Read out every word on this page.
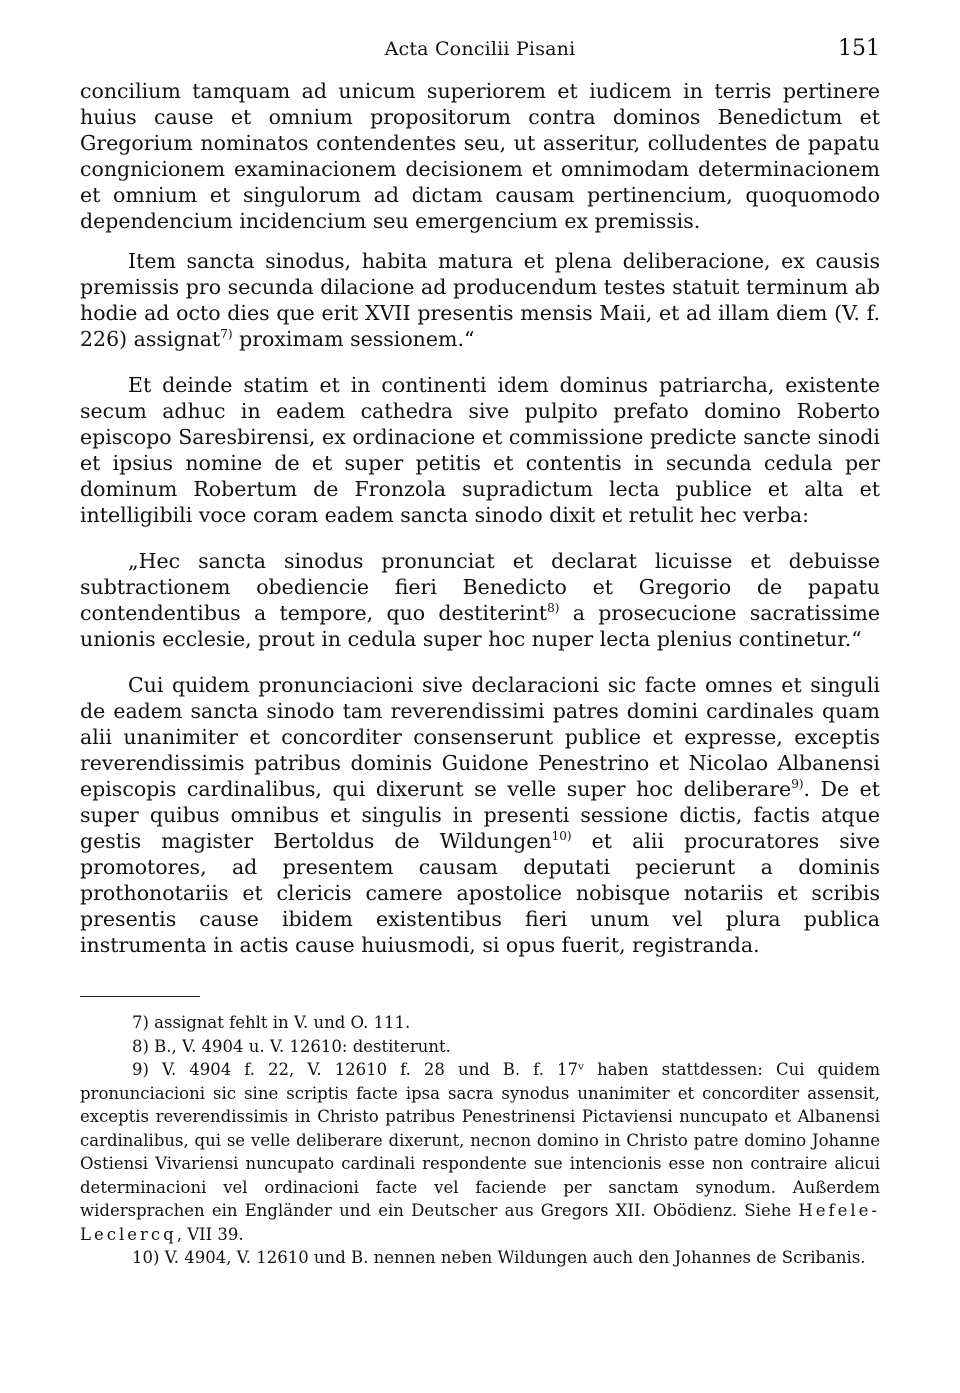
Acta Concilii Pisani	151

concilium tamquam ad unicum superiorem et iudicem in terris pertinere huius cause et omnium propositorum contra dominos Benedictum et Gregorium nominatos contendentes seu, ut asseritur, colludentes de papatu congnicionem examinacionem decisionem et omnimodam determinacionem et omnium et singulorum ad dictam causam pertinencium, quoquomodo dependencium incidencium seu emergencium ex premissis.

Item sancta sinodus, habita matura et plena deliberacione, ex causis premissis pro secunda dilacione ad producendum testes statuit terminum ab hodie ad octo dies que erit XVII presentis mensis Maii, et ad illam diem (V. f. 226) assignat$^{7)}$ proximam sessionem.“

Et deinde statim et in continenti idem dominus patriarcha, existente secum adhuc in eadem cathedra sive pulpito prefato domino Roberto episcopo Saresbirensi, ex ordinacione et commissione predicte sancte sinodi et ipsius nomine de et super petitis et contentis in secunda cedula per dominum Robertum de Fronzola supradictum lecta publice et alta et intelligibili voce coram eadem sancta sinodo dixit et retulit hec verba:

„Hec sancta sinodus pronunciat et declarat licuisse et debuisse subtractionem obediencie fieri Benedicto et Gregorio de papatu contendentibus a tempore, quo destiterint$^{8)}$ a prosecucione sacratissime unionis ecclesie, prout in cedula super hoc nuper lecta plenius continetur.“

Cui quidem pronunciacioni sive declaracioni sic facte omnes et singuli de eadem sancta sinodo tam reverendissimi patres domini cardinales quam alii unanimiter et concorditer consenserunt publice et expresse, exceptis reverendissimis patribus dominis Guidone Penestrino et Nicolao Albanensi episcopis cardinalibus, qui dixerunt se velle super hoc deliberare$^{9)}$. De et super quibus omnibus et singulis in presenti sessione dictis, factis atque gestis magister Bertoldus de Wildungen$^{10)}$ et alii procuratores sive promotores, ad presentem causam deputati pecierunt a dominis prothonotariis et clericis camere apostolice nobisque notariis et scribis presentis cause ibidem existentibus fieri unum vel plura publica instrumenta in actis cause huiusmodi, si opus fuerit, registranda.

7) assignat fehlt in V. und O. 111.

8) B., V. 4904 u. V. 12610: destiterunt.

9) V. 4904 f. 22, V. 12610 f. 28 und B. f. 17ᵛ haben stattdessen: Cui quidem pronunciacioni sic sine scriptis facte ipsa sacra synodus unanimiter et concorditer assensit, exceptis reverendissimis in Christo patribus Penestrinensi Pictaviensi nuncupato et Albanensi cardinalibus, qui se velle deliberare dixerunt, necnon domino in Christo patre domino Johanne Ostiensi Vivariensi nuncupato cardinali respondente sue intencionis esse non contraire alicui determinacioni vel ordinacioni facte vel faciende per sanctam synodum. Außerdem widersprachen ein Engländer und ein Deutscher aus Gregors XII. Obödienz. Siehe Hefele-Leclercq, VII 39.

10) V. 4904, V. 12610 und B. nennen neben Wildungen auch den Johannes de Scribanis.
